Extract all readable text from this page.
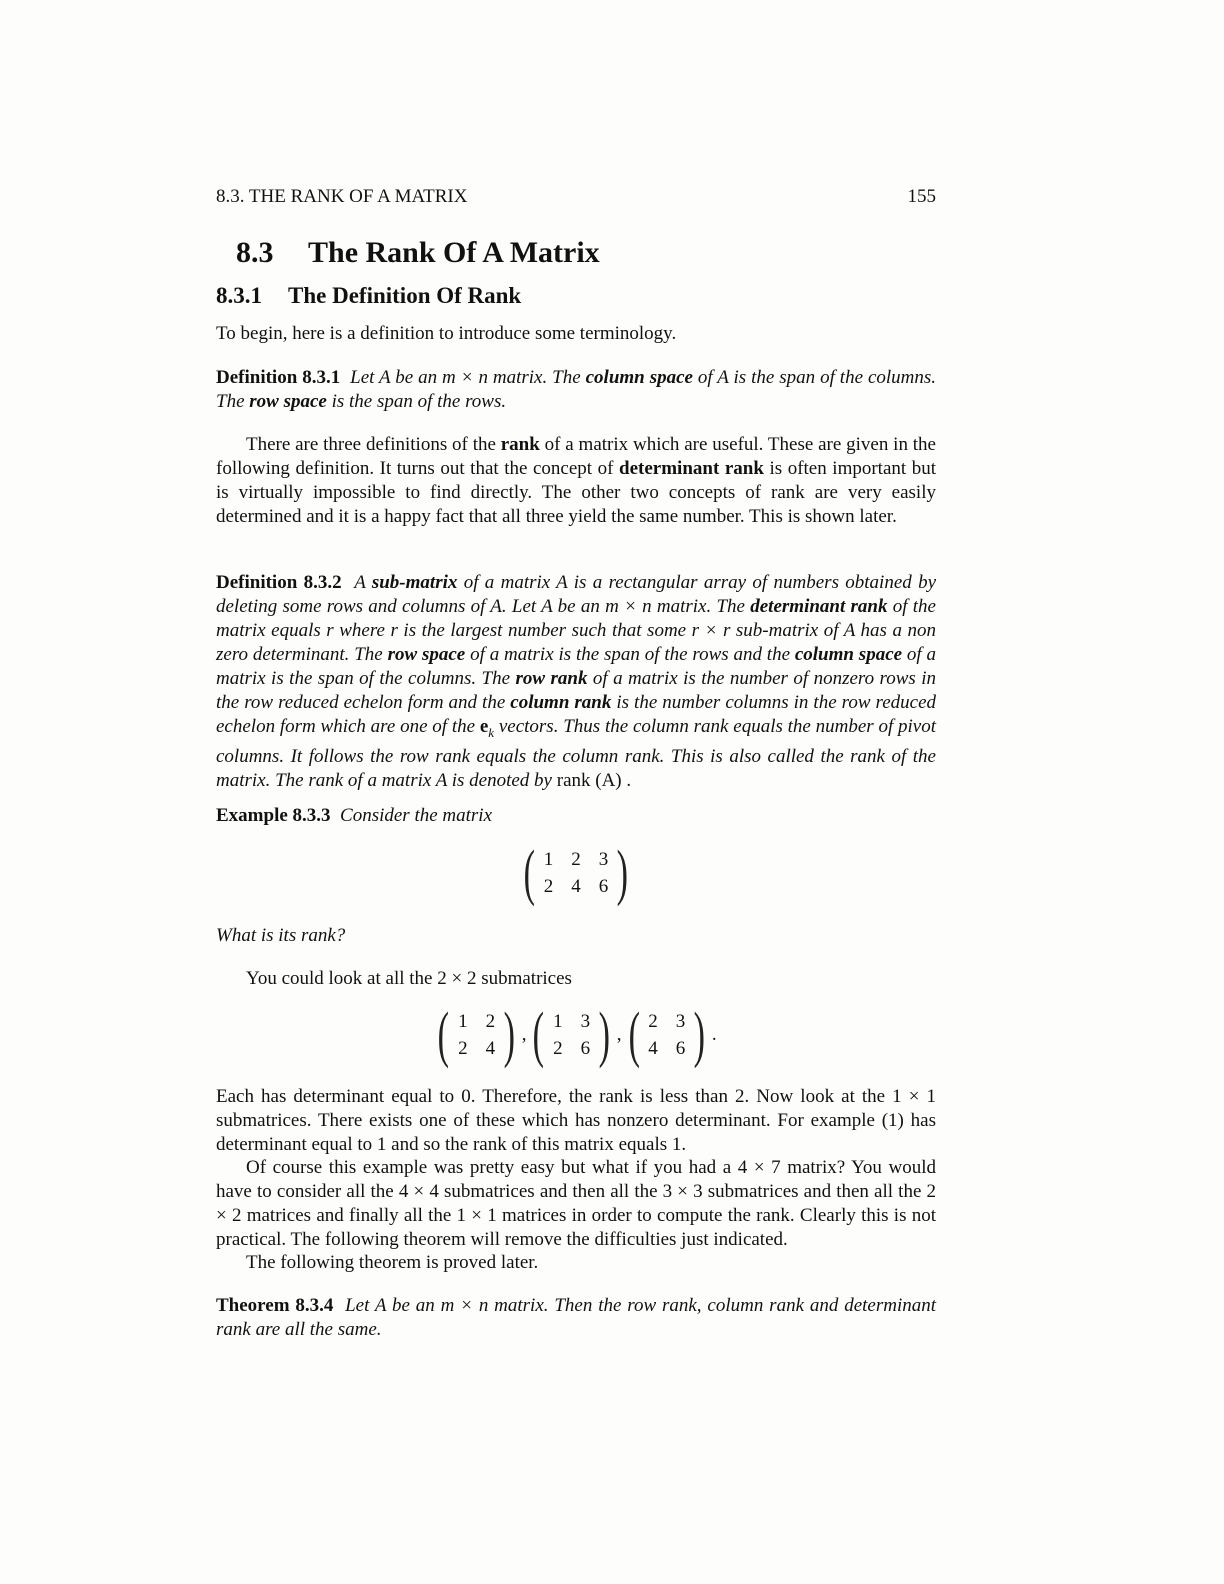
8.3. THE RANK OF A MATRIX	155
8.3 The Rank Of A Matrix
8.3.1 The Definition Of Rank
To begin, here is a definition to introduce some terminology.
Definition 8.3.1 Let A be an m × n matrix. The column space of A is the span of the columns. The row space is the span of the rows.
There are three definitions of the rank of a matrix which are useful. These are given in the following definition. It turns out that the concept of determinant rank is often important but is virtually impossible to find directly. The other two concepts of rank are very easily determined and it is a happy fact that all three yield the same number. This is shown later.
Definition 8.3.2 A sub-matrix of a matrix A is a rectangular array of numbers obtained by deleting some rows and columns of A. Let A be an m × n matrix. The determinant rank of the matrix equals r where r is the largest number such that some r × r sub-matrix of A has a non zero determinant. The row space of a matrix is the span of the rows and the column space of a matrix is the span of the columns. The row rank of a matrix is the number of nonzero rows in the row reduced echelon form and the column rank is the number columns in the row reduced echelon form which are one of the $e_k$ vectors. Thus the column rank equals the number of pivot columns. It follows the row rank equals the column rank. This is also called the rank of the matrix. The rank of a matrix A is denoted by rank (A) .
Example 8.3.3 Consider the matrix
( 1 2 3
2 4 6 )
What is its rank?
You could look at all the 2 × 2 submatrices
( 1 2
2 4 ) , ( 1 3
2 6 ) , ( 2 3
4 6 ) .
Each has determinant equal to 0. Therefore, the rank is less than 2. Now look at the 1 × 1 submatrices. There exists one of these which has nonzero determinant. For example (1) has determinant equal to 1 and so the rank of this matrix equals 1.
Of course this example was pretty easy but what if you had a 4 × 7 matrix? You would have to consider all the 4 × 4 submatrices and then all the 3 × 3 submatrices and then all the 2 × 2 matrices and finally all the 1 × 1 matrices in order to compute the rank. Clearly this is not practical. The following theorem will remove the difficulties just indicated.
The following theorem is proved later.
Theorem 8.3.4 Let A be an m × n matrix. Then the row rank, column rank and determinant rank are all the same.
